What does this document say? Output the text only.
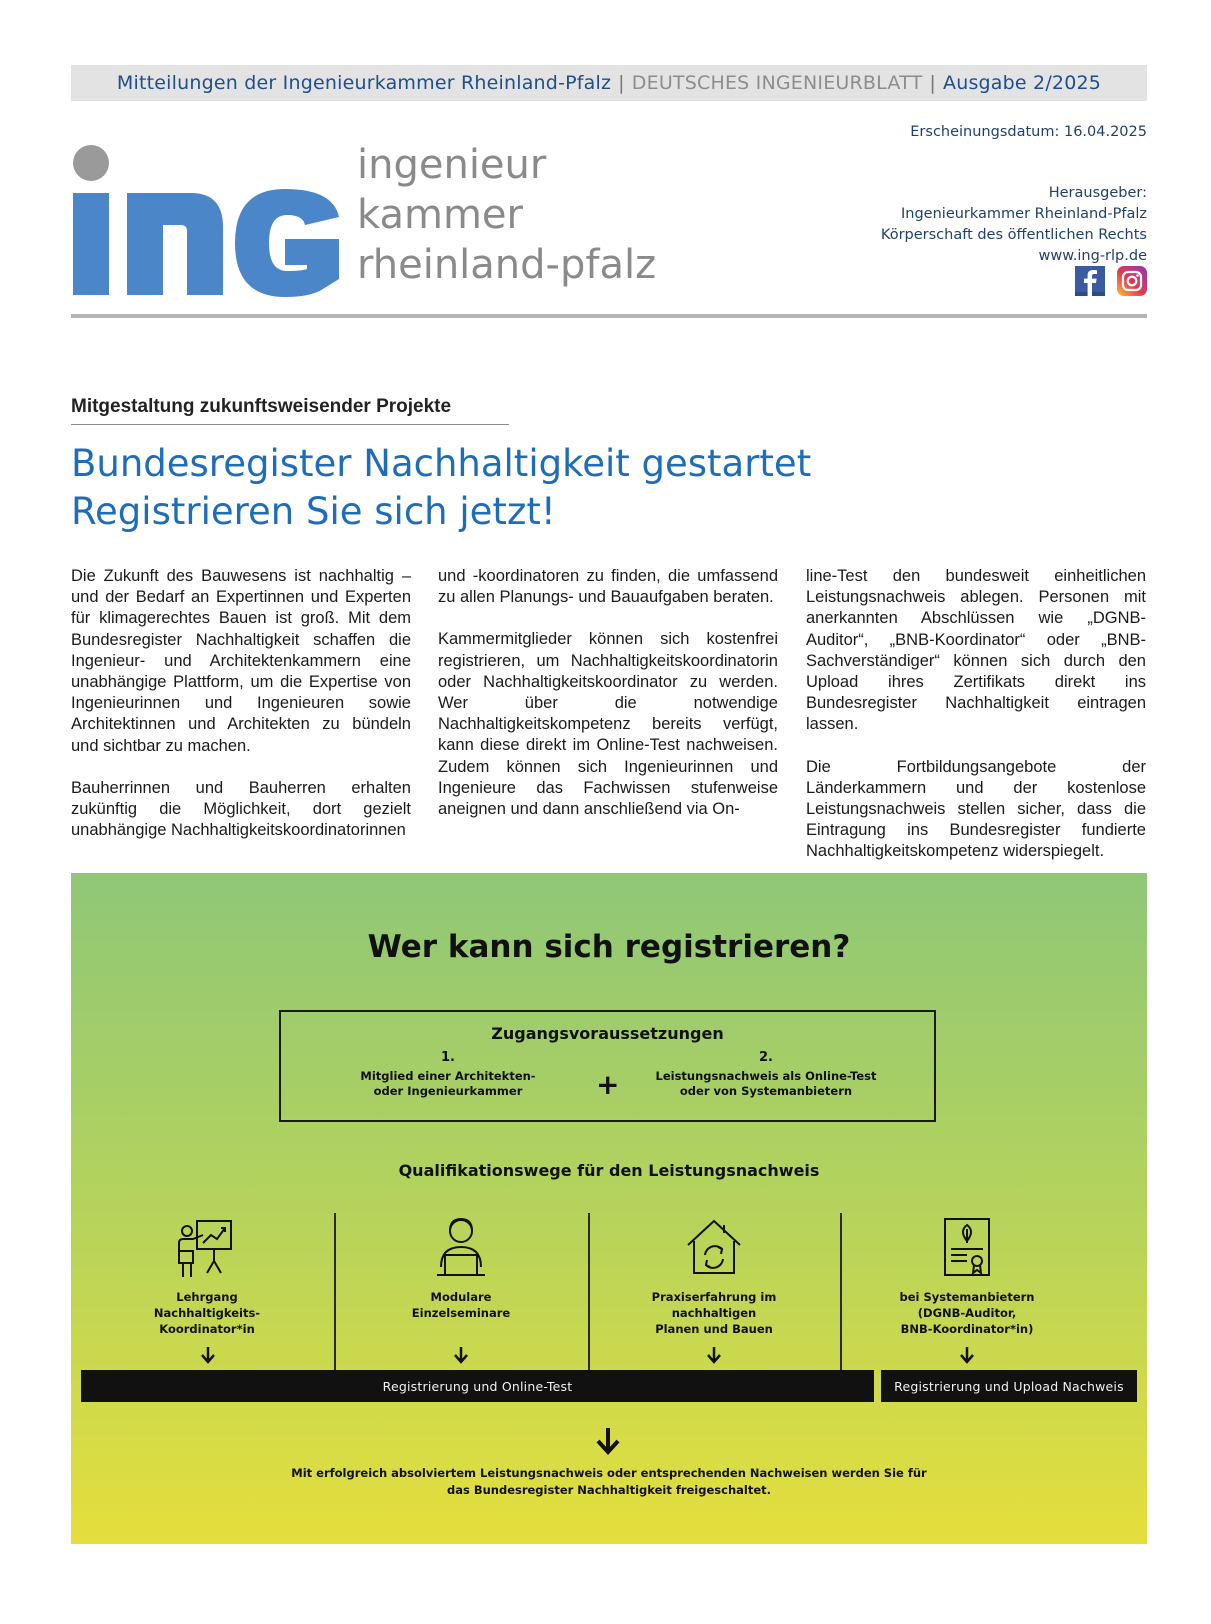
Mitteilungen der Ingenieurkammer Rheinland-Pfalz | DEUTSCHES INGENIEURBLATT | Ausgabe 2/2025
ingenieur
kammer
rheinland-pfalz
Erscheinungsdatum: 16.04.2025
Herausgeber:
Ingenieurkammer Rheinland-Pfalz
Körperschaft des öffentlichen Rechts
www.ing-rlp.de
Mitgestaltung zukunftsweisender Projekte
Bundesregister Nachhaltigkeit gestartet
Registrieren Sie sich jetzt!

Die Zukunft des Bauwesens ist nachhaltig – und der Bedarf an Expertinnen und Experten für klimagerechtes Bauen ist groß. Mit dem Bundesregister Nachhaltigkeit schaffen die Ingenieur- und Architektenkammern eine unabhängige Plattform, um die Expertise von Ingenieurinnen und Ingenieuren sowie Architektinnen und Architekten zu bündeln und sichtbar zu machen.

Bauherrinnen und Bauherren erhalten zukünftig die Möglichkeit, dort gezielt unabhängige Nachhaltigkeitskoordinatorinnen

und -koordinatoren zu finden, die umfassend zu allen Planungs- und Bauaufgaben beraten.

Kammermitglieder können sich kostenfrei registrieren, um Nachhaltigkeitskoordinatorin oder Nachhaltigkeitskoordinator zu werden. Wer über die notwendige Nachhaltigkeitskompetenz bereits verfügt, kann diese direkt im Online-Test nachweisen. Zudem können sich Ingenieurinnen und Ingenieure das Fachwissen stufenweise aneignen und dann anschließend via On-

line-Test den bundesweit einheitlichen Leistungsnachweis ablegen. Personen mit anerkannten Abschlüssen wie „DGNB-Auditor“, „BNB-Koordinator“ oder „BNB-Sachverständiger“ können sich durch den Upload ihres Zertifikats direkt ins Bundesregister Nachhaltigkeit eintragen lassen.

Die Fortbildungsangebote der Länderkammern und der kostenlose Leistungsnachweis stellen sicher, dass die Eintragung ins Bundesregister fundierte Nachhaltigkeitskompetenz widerspiegelt.

Wer kann sich registrieren?
Zugangsvoraussetzungen
1.
Mitglied einer Architekten-
oder Ingenieurkammer	+
2.
Leistungsnachweis als Online-Test
oder von Systemanbietern
Qualifikationswege für den Leistungsnachweis
Lehrgang
Nachhaltigkeits-
Koordinator*in
Modulare
Einzelseminare
Praxiserfahrung im
nachhaltigen
Planen und Bauen
bei Systemanbietern
(DGNB-Auditor,
BNB-Koordinator*in)
Registrierung und Online-Test	Registrierung und Upload Nachweis
Mit erfolgreich absolviertem Leistungsnachweis oder entsprechenden Nachweisen werden Sie für
das Bundesregister Nachhaltigkeit freigeschaltet.
